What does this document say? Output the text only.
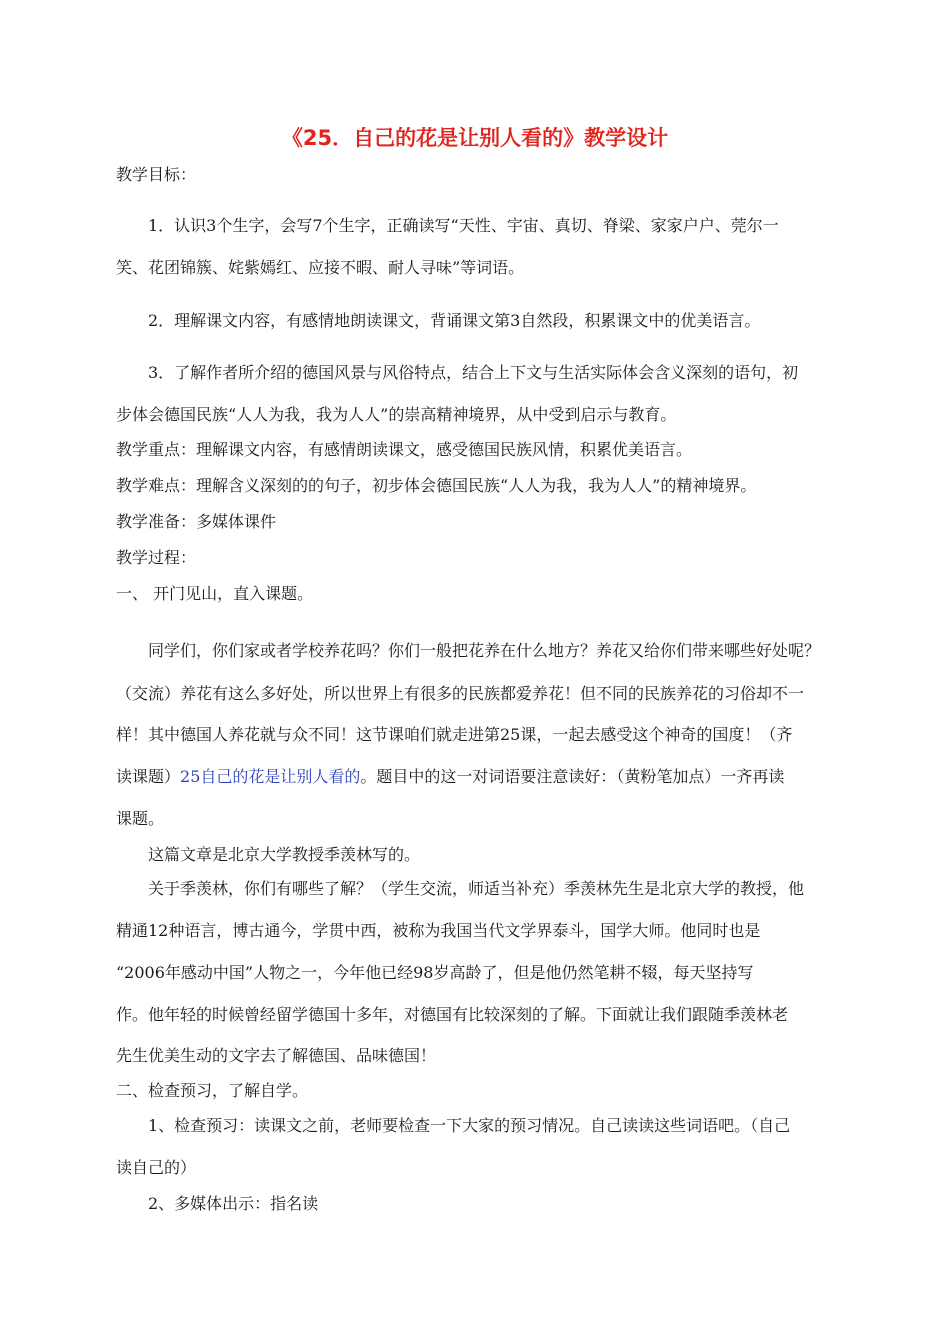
《25．自己的花是让别人看的》教学设计
教学目标：
1．认识3个生字，会写7个生字，正确读写“天性、宇宙、真切、脊梁、家家户户、莞尔一
笑、花团锦簇、姹紫嫣红、应接不暇、耐人寻味”等词语。
2．理解课文内容，有感情地朗读课文，背诵课文第3自然段，积累课文中的优美语言。
3．了解作者所介绍的德国风景与风俗特点，结合上下文与生活实际体会含义深刻的语句，初
步体会德国民族“人人为我，我为人人”的崇高精神境界，从中受到启示与教育。
教学重点：理解课文内容，有感情朗读课文，感受德国民族风情，积累优美语言。
教学难点：理解含义深刻的的句子，初步体会德国民族“人人为我，我为人人”的精神境界。
教学准备：多媒体课件
教学过程：
一、 开门见山，直入课题。
同学们，你们家或者学校养花吗？你们一般把花养在什么地方？养花又给你们带来哪些好处呢？
（交流）养花有这么多好处，所以世界上有很多的民族都爱养花！但不同的民族养花的习俗却不一
样！其中德国人养花就与众不同！这节课咱们就走进第25课，一起去感受这个神奇的国度！（齐
读课题）25自己的花是让别人看的。题目中的这一对词语要注意读好：（黄粉笔加点）一齐再读
课题。
这篇文章是北京大学教授季羡林写的。
关于季羡林，你们有哪些了解？（学生交流，师适当补充）季羡林先生是北京大学的教授，他
精通12种语言，博古通今，学贯中西，被称为我国当代文学界泰斗，国学大师。他同时也是
“2006年感动中国”人物之一，今年他已经98岁高龄了，但是他仍然笔耕不辍，每天坚持写
作。他年轻的时候曾经留学德国十多年，对德国有比较深刻的了解。下面就让我们跟随季羡林老
先生优美生动的文字去了解德国、品味德国！
二、检查预习，了解自学。
1、检查预习：读课文之前，老师要检查一下大家的预习情况。自己读读这些词语吧。（自己
读自己的）
2、多媒体出示：指名读
